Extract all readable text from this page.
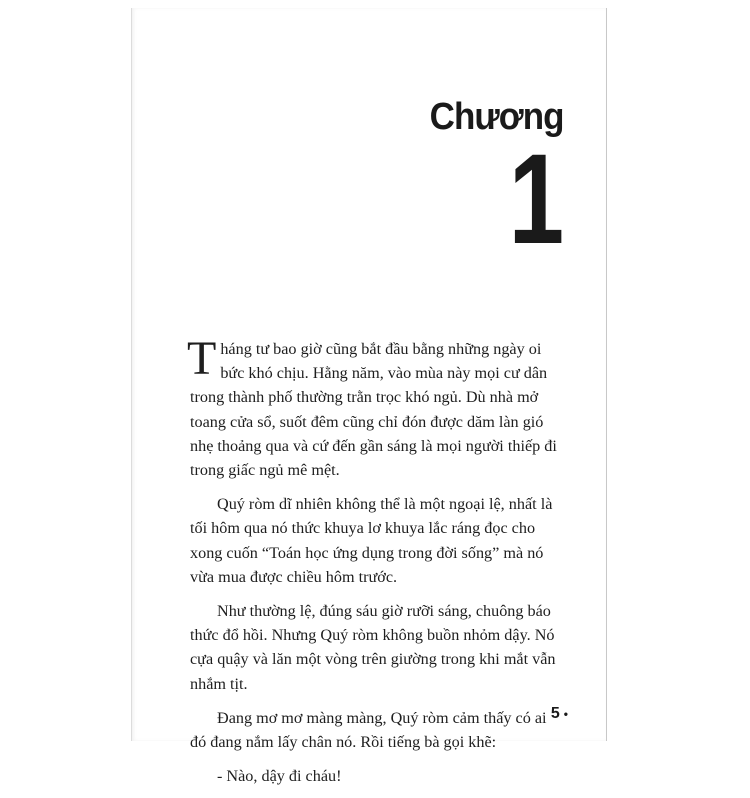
Chương
1

Tháng tư bao giờ cũng bắt đầu bằng những ngày oi bức khó chịu. Hằng năm, vào mùa này mọi cư dân trong thành phố thường trằn trọc khó ngủ. Dù nhà mở toang cửa sổ, suốt đêm cũng chỉ đón được dăm làn gió nhẹ thoảng qua và cứ đến gần sáng là mọi người thiếp đi trong giấc ngủ mê mệt.

Quý ròm dĩ nhiên không thể là một ngoại lệ, nhất là tối hôm qua nó thức khuya lơ khuya lắc ráng đọc cho xong cuốn “Toán học ứng dụng trong đời sống” mà nó vừa mua được chiều hôm trước.

Như thường lệ, đúng sáu giờ rưỡi sáng, chuông báo thức đổ hồi. Nhưng Quý ròm không buồn nhỏm dậy. Nó cựa quậy và lăn một vòng trên giường trong khi mắt vẫn nhắm tịt.

Đang mơ mơ màng màng, Quý ròm cảm thấy có ai đó đang nắm lấy chân nó. Rồi tiếng bà gọi khẽ:

- Nào, dậy đi cháu!

5 •
